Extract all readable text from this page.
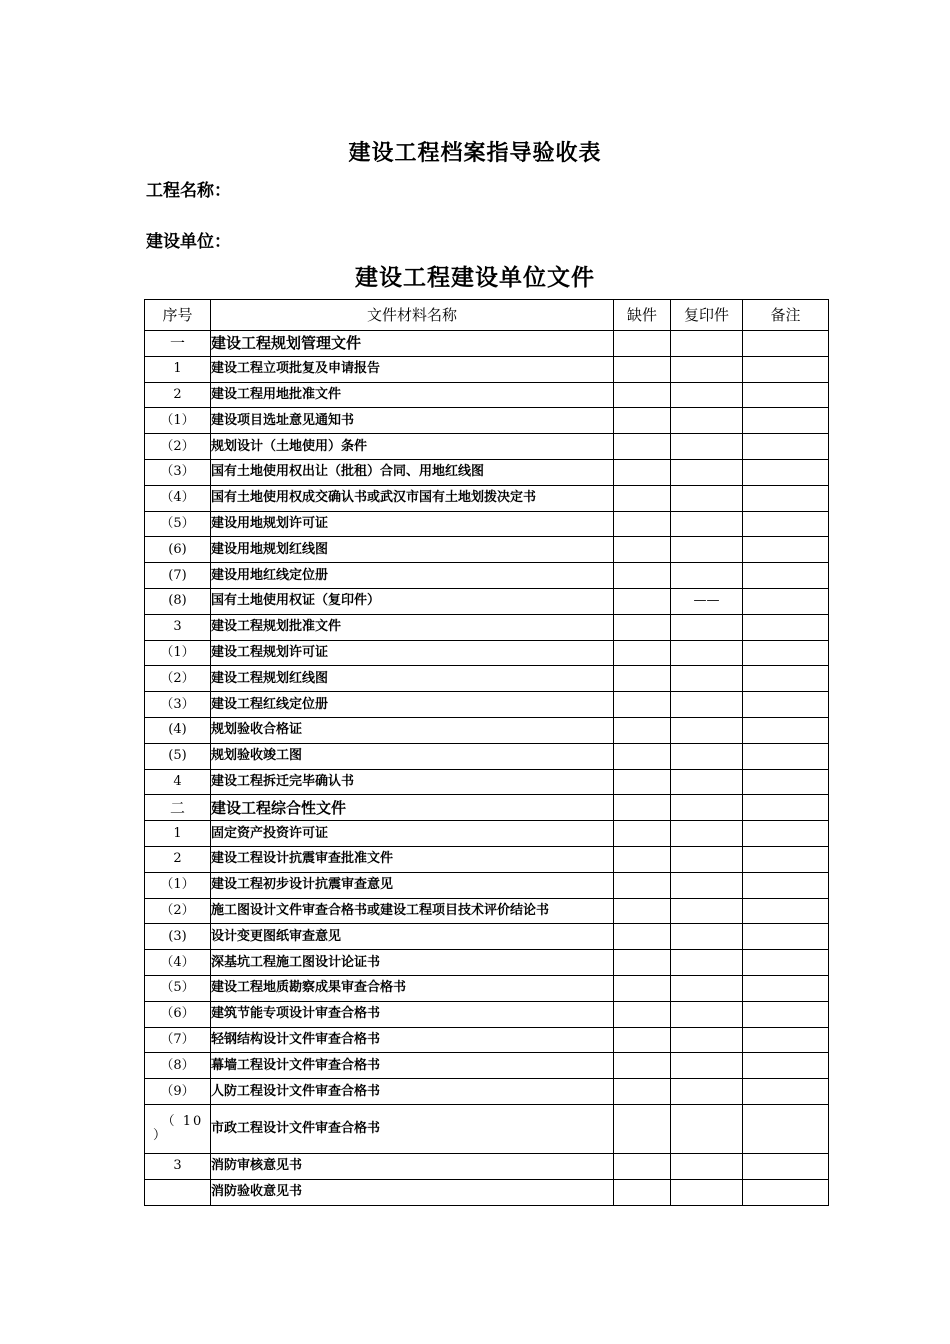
建设工程档案指导验收表
工程名称：
建设单位：
建设工程建设单位文件
序号	文件材料名称	缺件	复印件	备注
一	建设工程规划管理文件			
1	建设工程立项批复及申请报告			
2	建设工程用地批准文件			
（1）	建设项目选址意见通知书			
（2）	规划设计（土地使用）条件			
（3）	国有土地使用权出让（批租）合同、用地红线图			
（4）	国有土地使用权成交确认书或武汉市国有土地划拨决定书			
（5）	建设用地规划许可证			
(6)	建设用地规划红线图			
(7)	建设用地红线定位册			
(8)	国有土地使用权证（复印件）		——	
3	建设工程规划批准文件			
（1）	建设工程规划许可证			
（2）	建设工程规划红线图			
（3）	建设工程红线定位册			
(4)	规划验收合格证			
(5)	规划验收竣工图			
4	建设工程拆迁完毕确认书			
二	建设工程综合性文件			
1	固定资产投资许可证			
2	建设工程设计抗震审查批准文件			
（1）	建设工程初步设计抗震审查意见			
（2）	施工图设计文件审查合格书或建设工程项目技术评价结论书			
(3)	设计变更图纸审查意见			
（4）	深基坑工程施工图设计论证书			
（5）	建设工程地质勘察成果审查合格书			
（6）	建筑节能专项设计审查合格书			
（7）	轻钢结构设计文件审查合格书			
（8）	幕墙工程设计文件审查合格书			
（9）	人防工程设计文件审查合格书			

（ 10
）	市政工程设计文件审查合格书			
3	消防审核意见书			
	消防验收意见书			
